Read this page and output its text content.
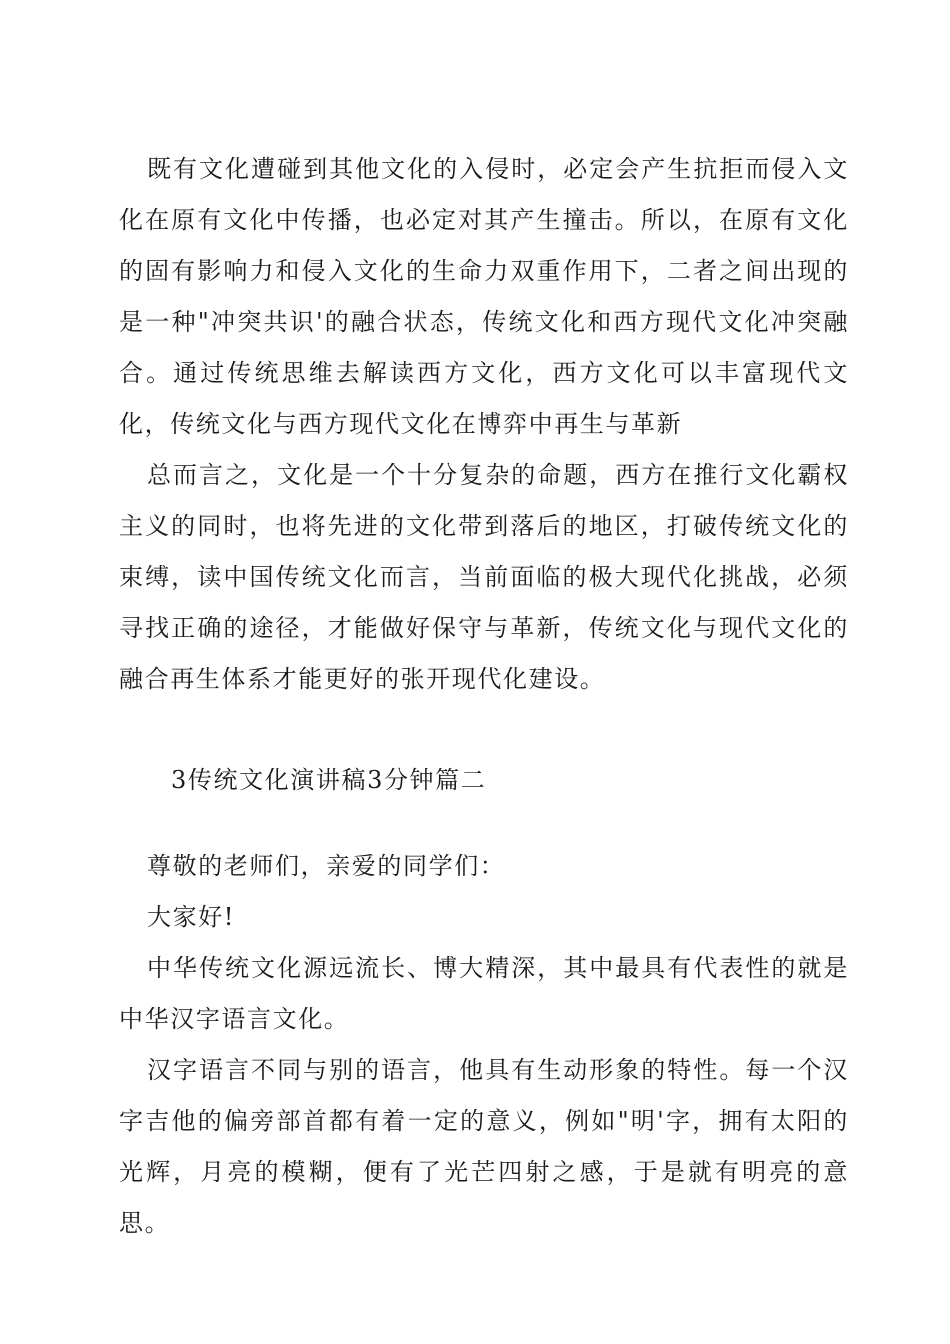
既有文化遭碰到其他文化的入侵时，必定会产生抗拒而侵入文化在原有文化中传播，也必定对其产生撞击。所以，在原有文化的固有影响力和侵入文化的生命力双重作用下，二者之间出现的是一种"冲突共识'的融合状态，传统文化和西方现代文化冲突融合。通过传统思维去解读西方文化，西方文化可以丰富现代文化，传统文化与西方现代文化在博弈中再生与革新

总而言之，文化是一个十分复杂的命题，西方在推行文化霸权主义的同时，也将先进的文化带到落后的地区，打破传统文化的束缚，读中国传统文化而言，当前面临的极大现代化挑战，必须寻找正确的途径，才能做好保守与革新，传统文化与现代文化的融合再生体系才能更好的张开现代化建设。

3传统文化演讲稿3分钟篇二

尊敬的老师们，亲爱的同学们：

大家好!

中华传统文化源远流长、博大精深，其中最具有代表性的就是中华汉字语言文化。

汉字语言不同与别的语言，他具有生动形象的特性。每一个汉字吉他的偏旁部首都有着一定的意义，例如"明'字，拥有太阳的光辉，月亮的模糊，便有了光芒四射之感，于是就有明亮的意思。
